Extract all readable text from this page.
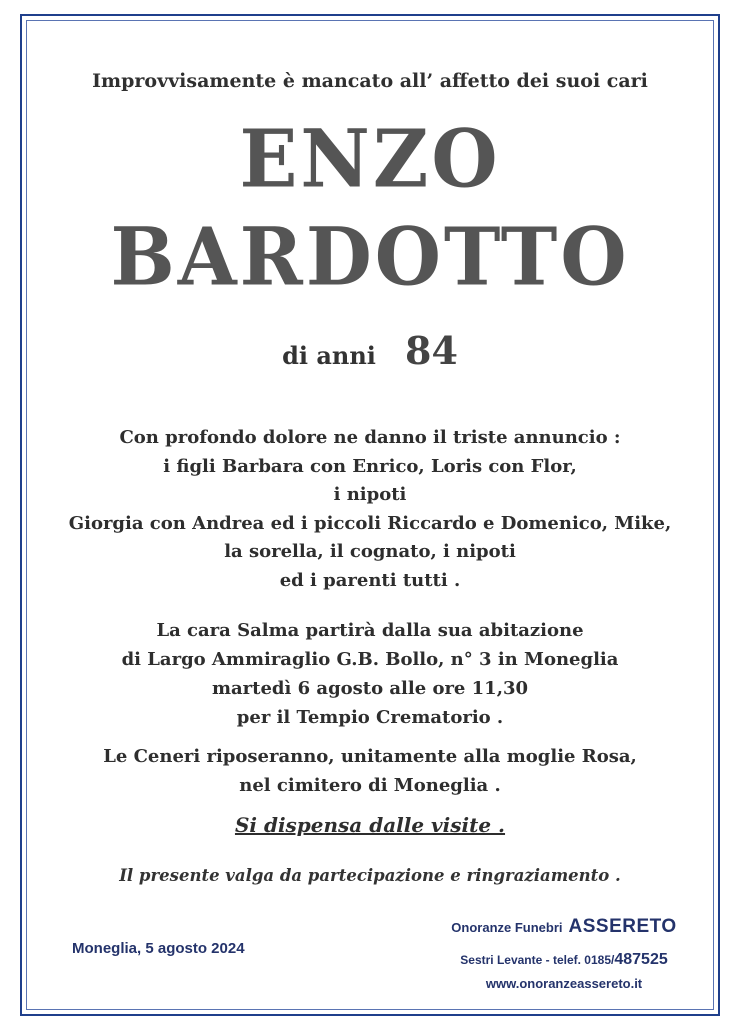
Improvvisamente è mancato all’ affetto dei suoi cari
ENZO
BARDOTTO
di anni 84
Con profondo dolore ne danno il triste annuncio :
i figli Barbara con Enrico, Loris con Flor,
i nipoti
Giorgia con Andrea ed i piccoli Riccardo e Domenico, Mike,
la sorella, il cognato, i nipoti
ed i parenti tutti .
La cara Salma partirà dalla sua abitazione
di Largo Ammiraglio G.B. Bollo, n° 3 in Moneglia
martedì 6 agosto alle ore 11,30
per il Tempio Crematorio .
Le Ceneri riposeranno, unitamente alla moglie Rosa,
nel cimitero di Moneglia .
Si dispensa dalle visite .
Il presente valga da partecipazione e ringraziamento .
Moneglia, 5 agosto 2024
Onoranze Funebri ASSERETO
Sestri Levante - telef. 0185/487525
www.onoranzeassereto.it
